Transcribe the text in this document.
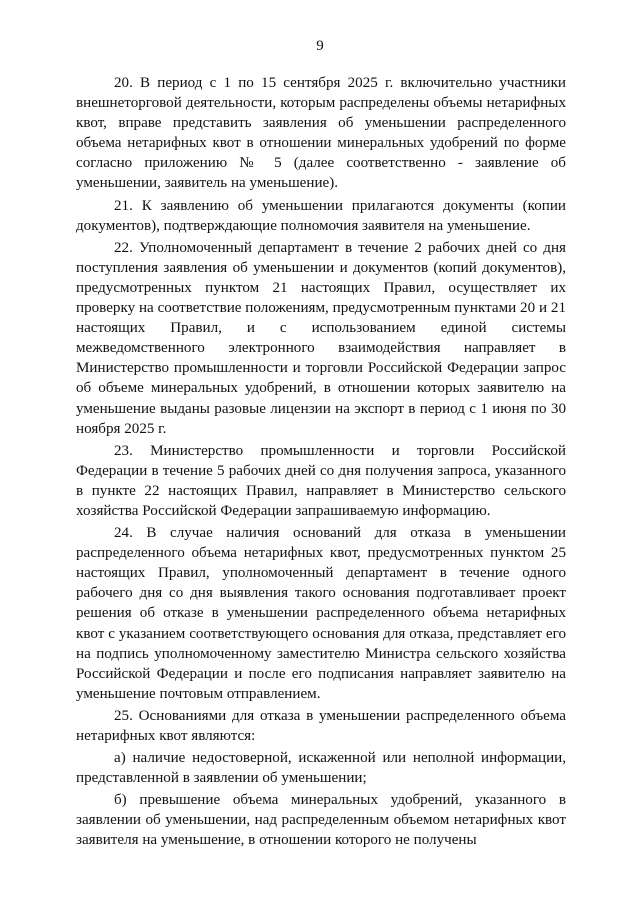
9

20. В период с 1 по 15 сентября 2025 г. включительно участники внешнеторговой деятельности, которым распределены объемы нетарифных квот, вправе представить заявления об уменьшении распределенного объема нетарифных квот в отношении минеральных удобрений по форме согласно приложению № 5 (далее соответственно - заявление об уменьшении, заявитель на уменьшение).

21. К заявлению об уменьшении прилагаются документы (копии документов), подтверждающие полномочия заявителя на уменьшение.

22. Уполномоченный департамент в течение 2 рабочих дней со дня поступления заявления об уменьшении и документов (копий документов), предусмотренных пунктом 21 настоящих Правил, осуществляет их проверку на соответствие положениям, предусмотренным пунктами 20 и 21 настоящих Правил, и с использованием единой системы межведомственного электронного взаимодействия направляет в Министерство промышленности и торговли Российской Федерации запрос об объеме минеральных удобрений, в отношении которых заявителю на уменьшение выданы разовые лицензии на экспорт в период с 1 июня по 30 ноября 2025 г.

23. Министерство промышленности и торговли Российской Федерации в течение 5 рабочих дней со дня получения запроса, указанного в пункте 22 настоящих Правил, направляет в Министерство сельского хозяйства Российской Федерации запрашиваемую информацию.

24. В случае наличия оснований для отказа в уменьшении распределенного объема нетарифных квот, предусмотренных пунктом 25 настоящих Правил, уполномоченный департамент в течение одного рабочего дня со дня выявления такого основания подготавливает проект решения об отказе в уменьшении распределенного объема нетарифных квот с указанием соответствующего основания для отказа, представляет его на подпись уполномоченному заместителю Министра сельского хозяйства Российской Федерации и после его подписания направляет заявителю на уменьшение почтовым отправлением.

25. Основаниями для отказа в уменьшении распределенного объема нетарифных квот являются:

а) наличие недостоверной, искаженной или неполной информации, представленной в заявлении об уменьшении;

б) превышение объема минеральных удобрений, указанного в заявлении об уменьшении, над распределенным объемом нетарифных квот заявителя на уменьшение, в отношении которого не получены
